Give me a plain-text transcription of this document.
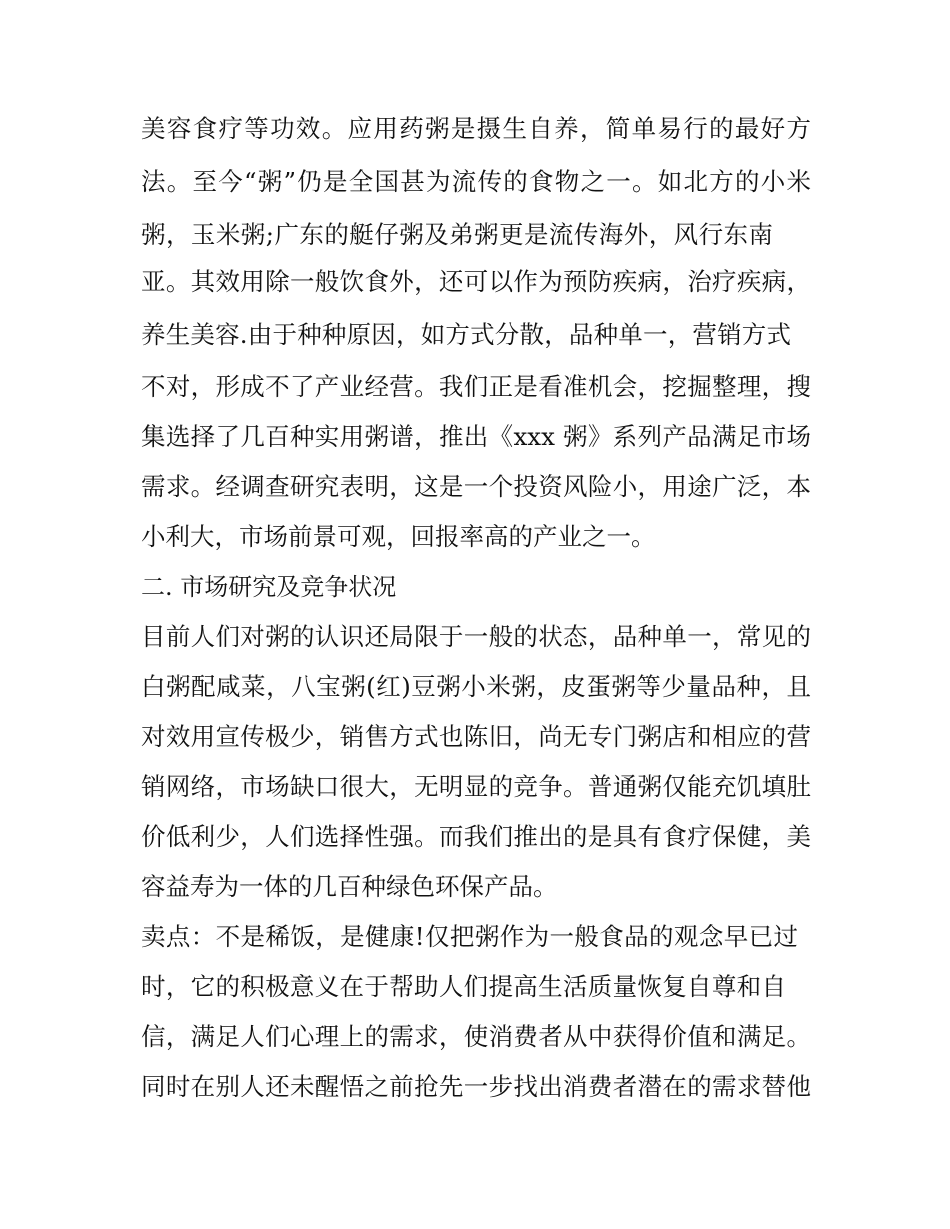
美容食疗等功效。应用药粥是摄生自养，简单易行的最好方
法。至今“粥”仍是全国甚为流传的食物之一。如北方的小米
粥，玉米粥;广东的艇仔粥及弟粥更是流传海外，风行东南
亚。其效用除一般饮食外，还可以作为预防疾病，治疗疾病，
养生美容.由于种种原因，如方式分散，品种单一，营销方式
不对，形成不了产业经营。我们正是看准机会，挖掘整理，搜
集选择了几百种实用粥谱，推出《xxx 粥》系列产品满足市场
需求。经调查研究表明，这是一个投资风险小，用途广泛，本
小利大，市场前景可观，回报率高的产业之一。
二. 市场研究及竞争状况
目前人们对粥的认识还局限于一般的状态，品种单一，常见的
白粥配咸菜，八宝粥(红)豆粥小米粥，皮蛋粥等少量品种，且
对效用宣传极少，销售方式也陈旧，尚无专门粥店和相应的营
销网络，市场缺口很大，无明显的竞争。普通粥仅能充饥填肚
价低利少，人们选择性强。而我们推出的是具有食疗保健，美
容益寿为一体的几百种绿色环保产品。
卖点：不是稀饭，是健康!仅把粥作为一般食品的观念早已过
时，它的积极意义在于帮助人们提高生活质量恢复自尊和自
信，满足人们心理上的需求，使消费者从中获得价值和满足。
同时在别人还未醒悟之前抢先一步找出消费者潜在的需求替他
